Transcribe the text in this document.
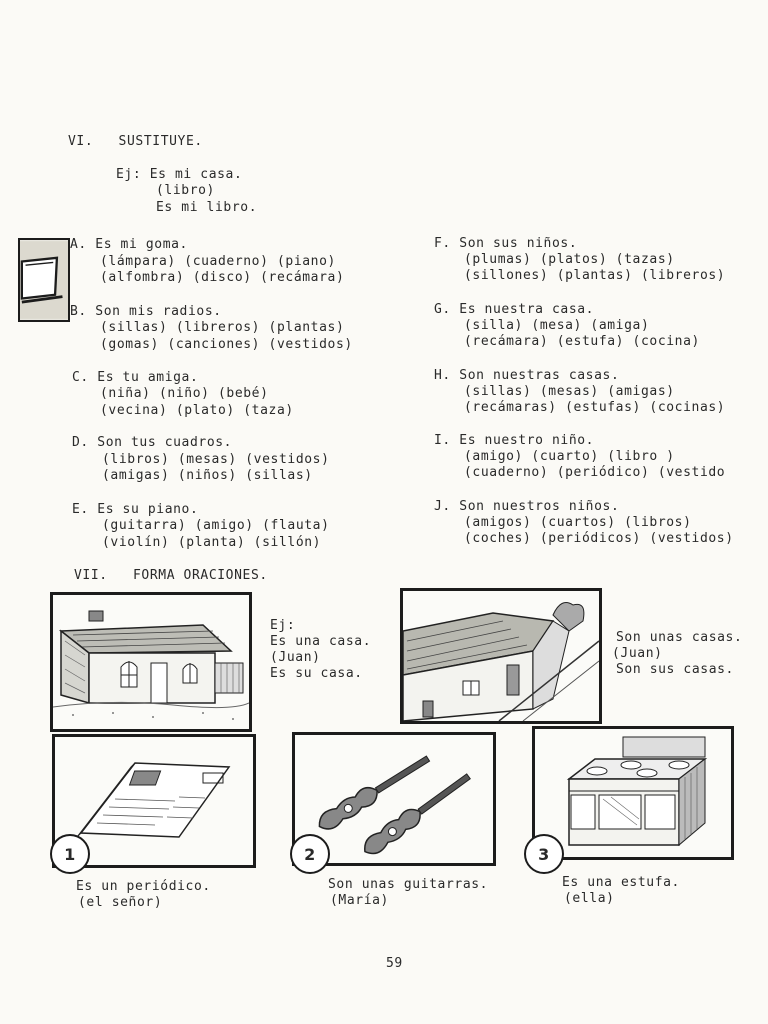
VI.   SUSTITUYE.
Ej: Es mi casa.
(libro)
Es mi libro.
A. Es mi goma.
(lámpara) (cuaderno) (piano)
(alfombra) (disco) (recámara)
B. Son mis radios.
(sillas) (libreros) (plantas)
(gomas) (canciones) (vestidos)
C. Es tu amiga.
(niña) (niño) (bebé)
(vecina) (plato) (taza)
D. Son tus cuadros.
(libros) (mesas) (vestidos)
(amigas) (niños) (sillas)
E. Es su piano.
(guitarra) (amigo) (flauta)
(violín) (planta) (sillón)
F. Son sus niños.
(plumas) (platos) (tazas)
(sillones) (plantas) (libreros)
G. Es nuestra casa.
(silla) (mesa) (amiga)
(recámara) (estufa) (cocina)
H. Son nuestras casas.
(sillas) (mesas) (amigas)
(recámaras) (estufas) (cocinas)
I. Es nuestro niño.
(amigo) (cuarto) (libro )
(cuaderno) (periódico) (vestido
J. Son nuestros niños.
(amigos) (cuartos) (libros)
(coches) (periódicos) (vestidos)
VII.   FORMA ORACIONES.
Ej:
Es una casa.
(Juan)
Es su casa.
Son unas casas.
(Juan)
Son sus casas.
1	2	3
Es un periódico.
(el señor)
Son unas guitarras.
(María)
Es una estufa.
(ella)
59
